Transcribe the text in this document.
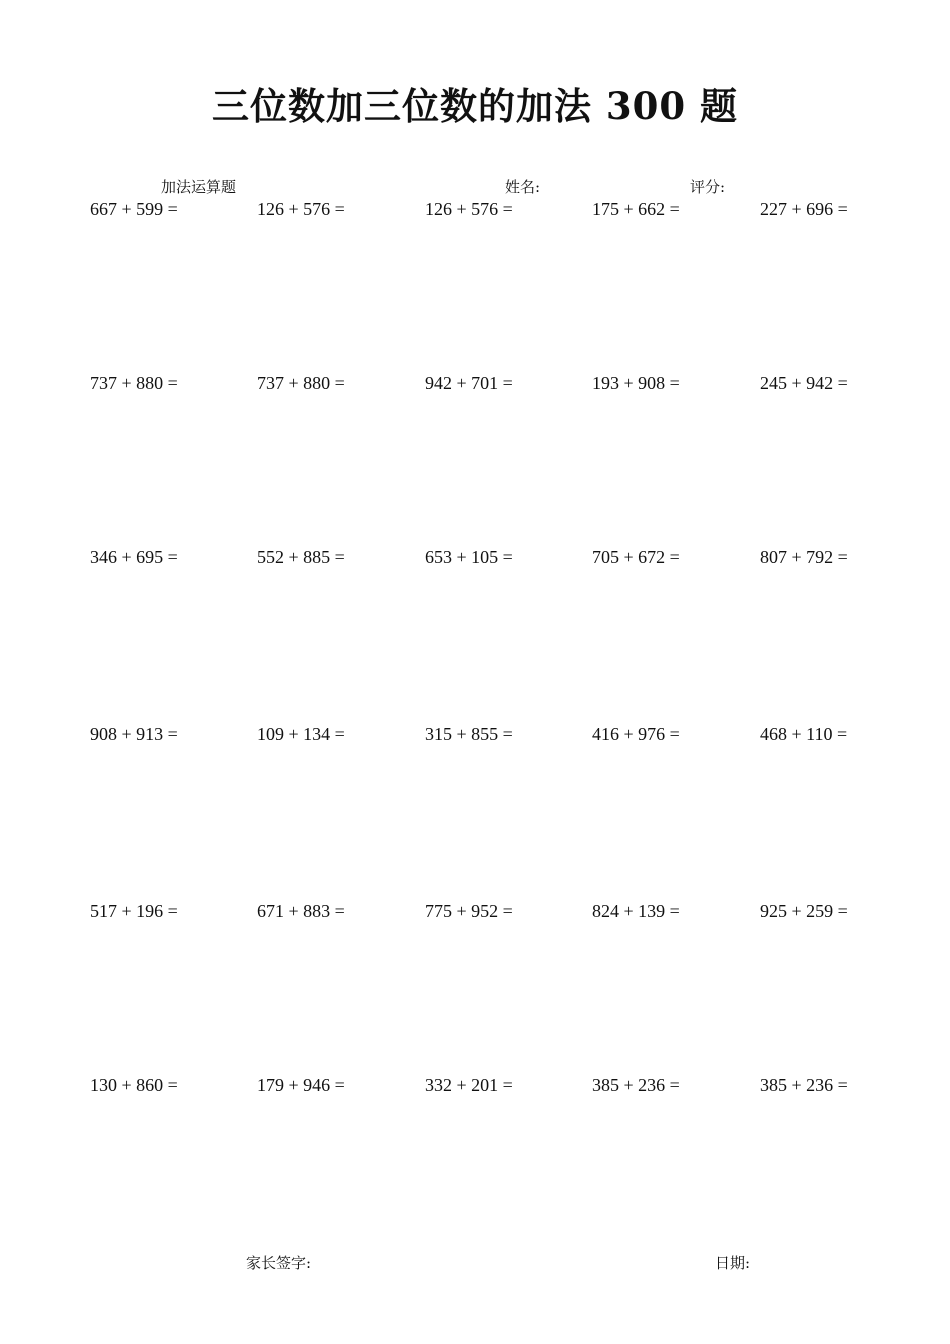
三位数加三位数的加法 300 题
加法运算题	姓名:	评分:
667 + 599 =	126 + 576 =	126 + 576 =	175 + 662 =	227 + 696 =
737 + 880 =	737 + 880 =	942 + 701 =	193 + 908 =	245 + 942 =
346 + 695 =	552 + 885 =	653 + 105 =	705 + 672 =	807 + 792 =
908 + 913 =	109 + 134 =	315 + 855 =	416 + 976 =	468 + 110 =
517 + 196 =	671 + 883 =	775 + 952 =	824 + 139 =	925 + 259 =
130 + 860 =	179 + 946 =	332 + 201 =	385 + 236 =	385 + 236 =
家长签字:	日期:
